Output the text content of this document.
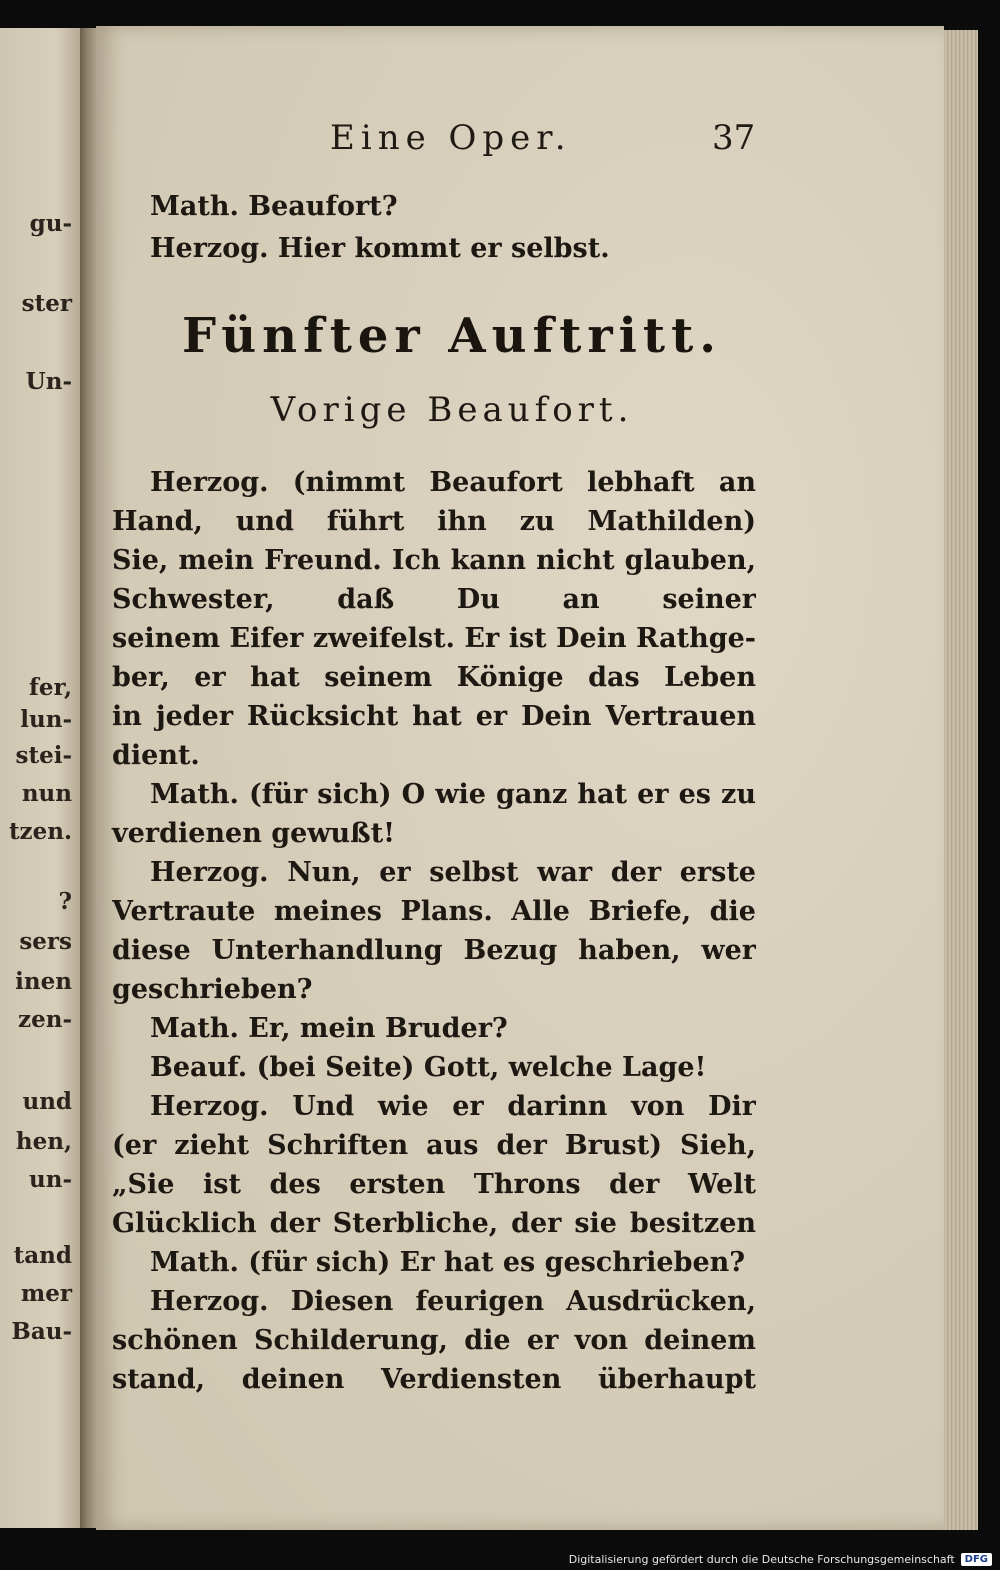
gu-
ster
Un-
fer,
lun-
stei-
nun
tzen.
?
sers
inen
zen-
und
hen,
un-
tand
mer
Bau-
Eine Oper.	37
Math. Beaufort?
Herzog. Hier kommt er selbst.
Fünfter Auftritt.
Vorige Beaufort.
Herzog. (nimmt Beaufort lebhaft an
Hand, und führt ihn zu Mathilden)
Sie, mein Freund. Ich kann nicht glauben,
Schwester, daß Du an seiner
seinem Eifer zweifelst. Er ist Dein Rathge-
ber, er hat seinem Könige das Leben
in jeder Rücksicht hat er Dein Vertrauen
dient.
Math. (für sich) O wie ganz hat er es zu
verdienen gewußt!
Herzog. Nun, er selbst war der erste
Vertraute meines Plans. Alle Briefe, die
diese Unterhandlung Bezug haben, wer
geschrieben?
Math. Er, mein Bruder?
Beauf. (bei Seite) Gott, welche Lage!
Herzog. Und wie er darinn von Dir
(er zieht Schriften aus der Brust) Sieh,
„Sie ist des ersten Throns der Welt
Glücklich der Sterbliche, der sie besitzen
Math. (für sich) Er hat es geschrieben?
Herzog. Diesen feurigen Ausdrücken,
schönen Schilderung, die er von deinem
stand, deinen Verdiensten überhaupt
Digitalisierung gefördert durch die Deutsche Forschungsgemeinschaft	DFG
